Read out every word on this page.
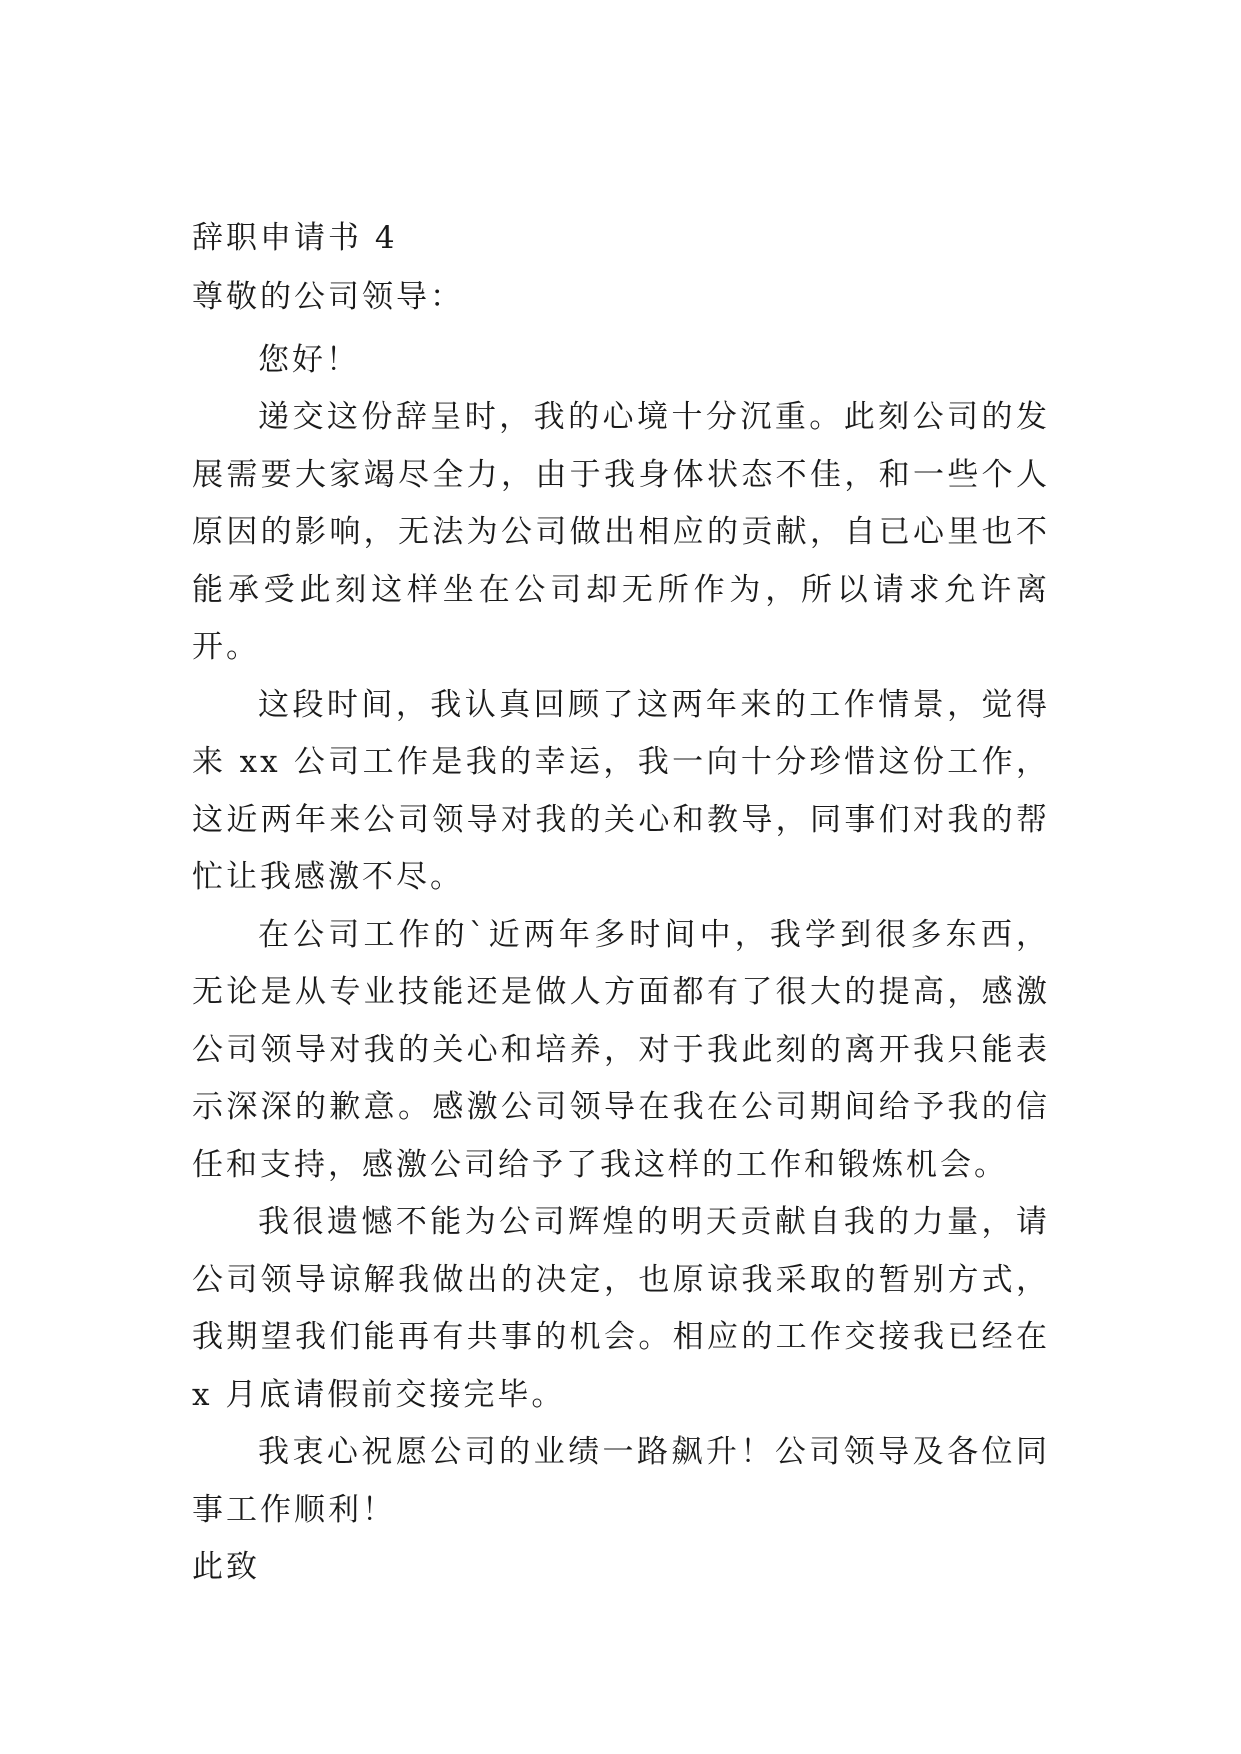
辞职申请书 4

尊敬的公司领导：

您好！

递交这份辞呈时，我的心境十分沉重。此刻公司的发展需要大家竭尽全力，由于我身体状态不佳，和一些个人原因的影响，无法为公司做出相应的贡献，自已心里也不能承受此刻这样坐在公司却无所作为，所以请求允许离开。

这段时间，我认真回顾了这两年来的工作情景，觉得来 xx 公司工作是我的幸运，我一向十分珍惜这份工作，这近两年来公司领导对我的关心和教导，同事们对我的帮忙让我感激不尽。

在公司工作的`近两年多时间中，我学到很多东西，无论是从专业技能还是做人方面都有了很大的提高，感激公司领导对我的关心和培养，对于我此刻的离开我只能表示深深的歉意。感激公司领导在我在公司期间给予我的信任和支持，感激公司给予了我这样的工作和锻炼机会。

我很遗憾不能为公司辉煌的明天贡献自我的力量，请公司领导谅解我做出的决定，也原谅我采取的暂别方式，我期望我们能再有共事的机会。相应的工作交接我已经在 x 月底请假前交接完毕。

我衷心祝愿公司的业绩一路飙升！公司领导及各位同事工作顺利！

此致
